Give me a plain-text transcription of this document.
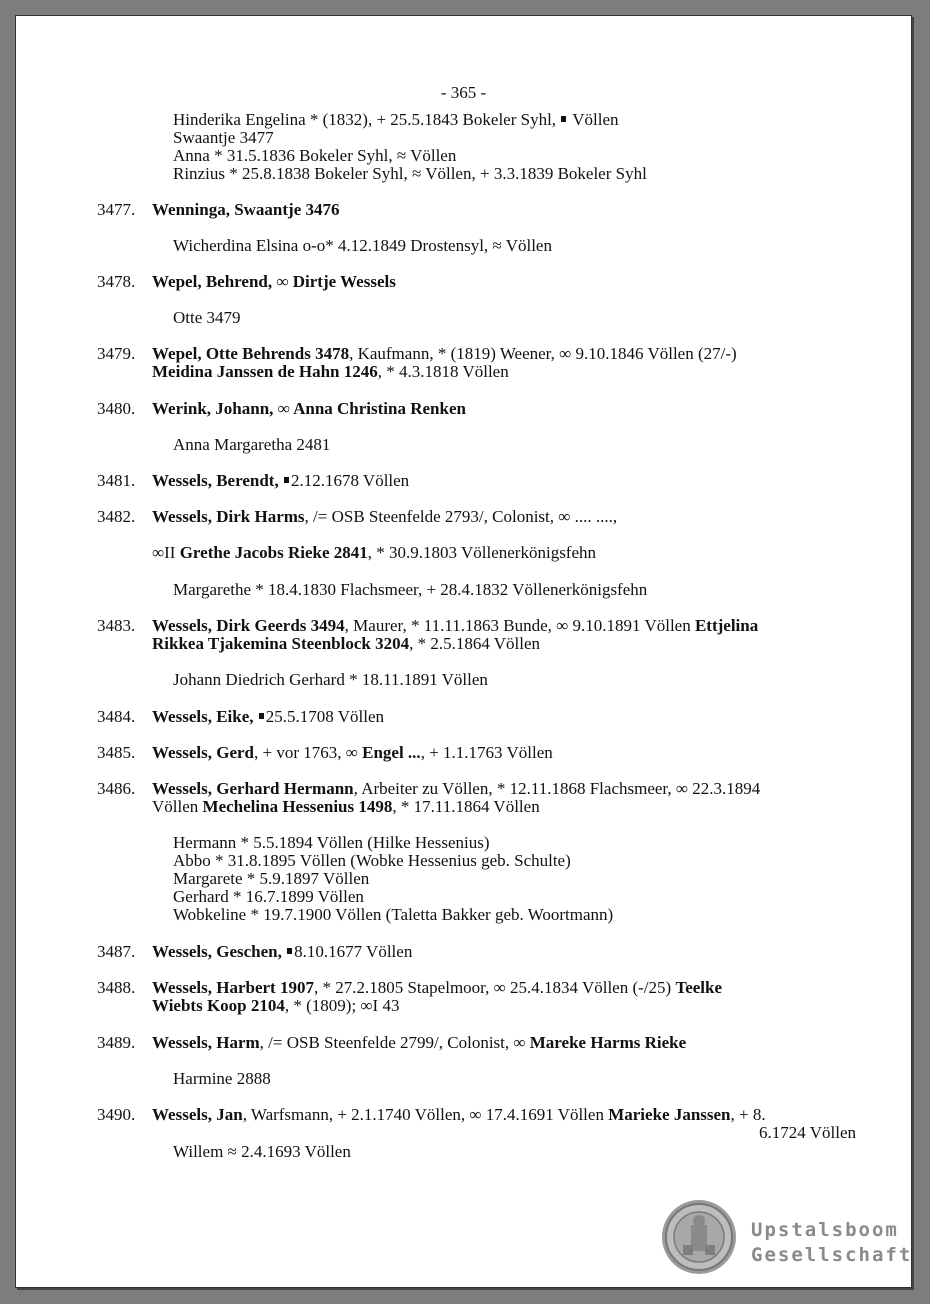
- 365 -
Hinderika Engelina * (1832), + 25.5.1843 Bokeler Syhl, Völlen
Swaantje 3477
Anna * 31.5.1836 Bokeler Syhl, ≈ Völlen
Rinzius * 25.8.1838 Bokeler Syhl, ≈ Völlen, + 3.3.1839 Bokeler Syhl
3477. Wenninga, Swaantje 3476
Wicherdina Elsina o-o* 4.12.1849 Drostensyl, ≈ Völlen
3478. Wepel, Behrend, ∞ Dirtje Wessels
Otte 3479
3479. Wepel, Otte Behrends 3478, Kaufmann, * (1819) Weener, ∞ 9.10.1846 Völlen (27/-)
Meidina Janssen de Hahn 1246, * 4.3.1818 Völlen
3480. Werink, Johann, ∞ Anna Christina Renken
Anna Margaretha 2481
3481. Wessels, Berendt, 2.12.1678 Völlen
3482. Wessels, Dirk Harms, /= OSB Steenfelde 2793/, Colonist, ∞ .... ....,
∞II Grethe Jacobs Rieke 2841, * 30.9.1803 Völlenerkönigsfehn
Margarethe * 18.4.1830 Flachsmeer, + 28.4.1832 Völlenerkönigsfehn
3483. Wessels, Dirk Geerds 3494, Maurer, * 11.11.1863 Bunde, ∞ 9.10.1891 Völlen Ettjelina
Rikkea Tjakemina Steenblock 3204, * 2.5.1864 Völlen
Johann Diedrich Gerhard * 18.11.1891 Völlen
3484. Wessels, Eike, 25.5.1708 Völlen
3485. Wessels, Gerd, + vor 1763, ∞ Engel ..., + 1.1.1763 Völlen
3486. Wessels, Gerhard Hermann, Arbeiter zu Völlen, * 12.11.1868 Flachsmeer, ∞ 22.3.1894
Völlen Mechelina Hessenius 1498, * 17.11.1864 Völlen
Hermann * 5.5.1894 Völlen (Hilke Hessenius)
Abbo * 31.8.1895 Völlen (Wobke Hessenius geb. Schulte)
Margarete * 5.9.1897 Völlen
Gerhard * 16.7.1899 Völlen
Wobkeline * 19.7.1900 Völlen (Taletta Bakker geb. Woortmann)
3487. Wessels, Geschen, 8.10.1677 Völlen
3488. Wessels, Harbert 1907, * 27.2.1805 Stapelmoor, ∞ 25.4.1834 Völlen (-/25) Teelke
Wiebts Koop 2104, * (1809); ∞I 43
3489. Wessels, Harm, /= OSB Steenfelde 2799/, Colonist, ∞ Mareke Harms Rieke
Harmine 2888
3490. Wessels, Jan, Warfsmann, + 2.1.1740 Völlen, ∞ 17.4.1691 Völlen Marieke Janssen, + 8.
6.1724 Völlen
Willem ≈ 2.4.1693 Völlen
Upstalsboom
Gesellschaft
